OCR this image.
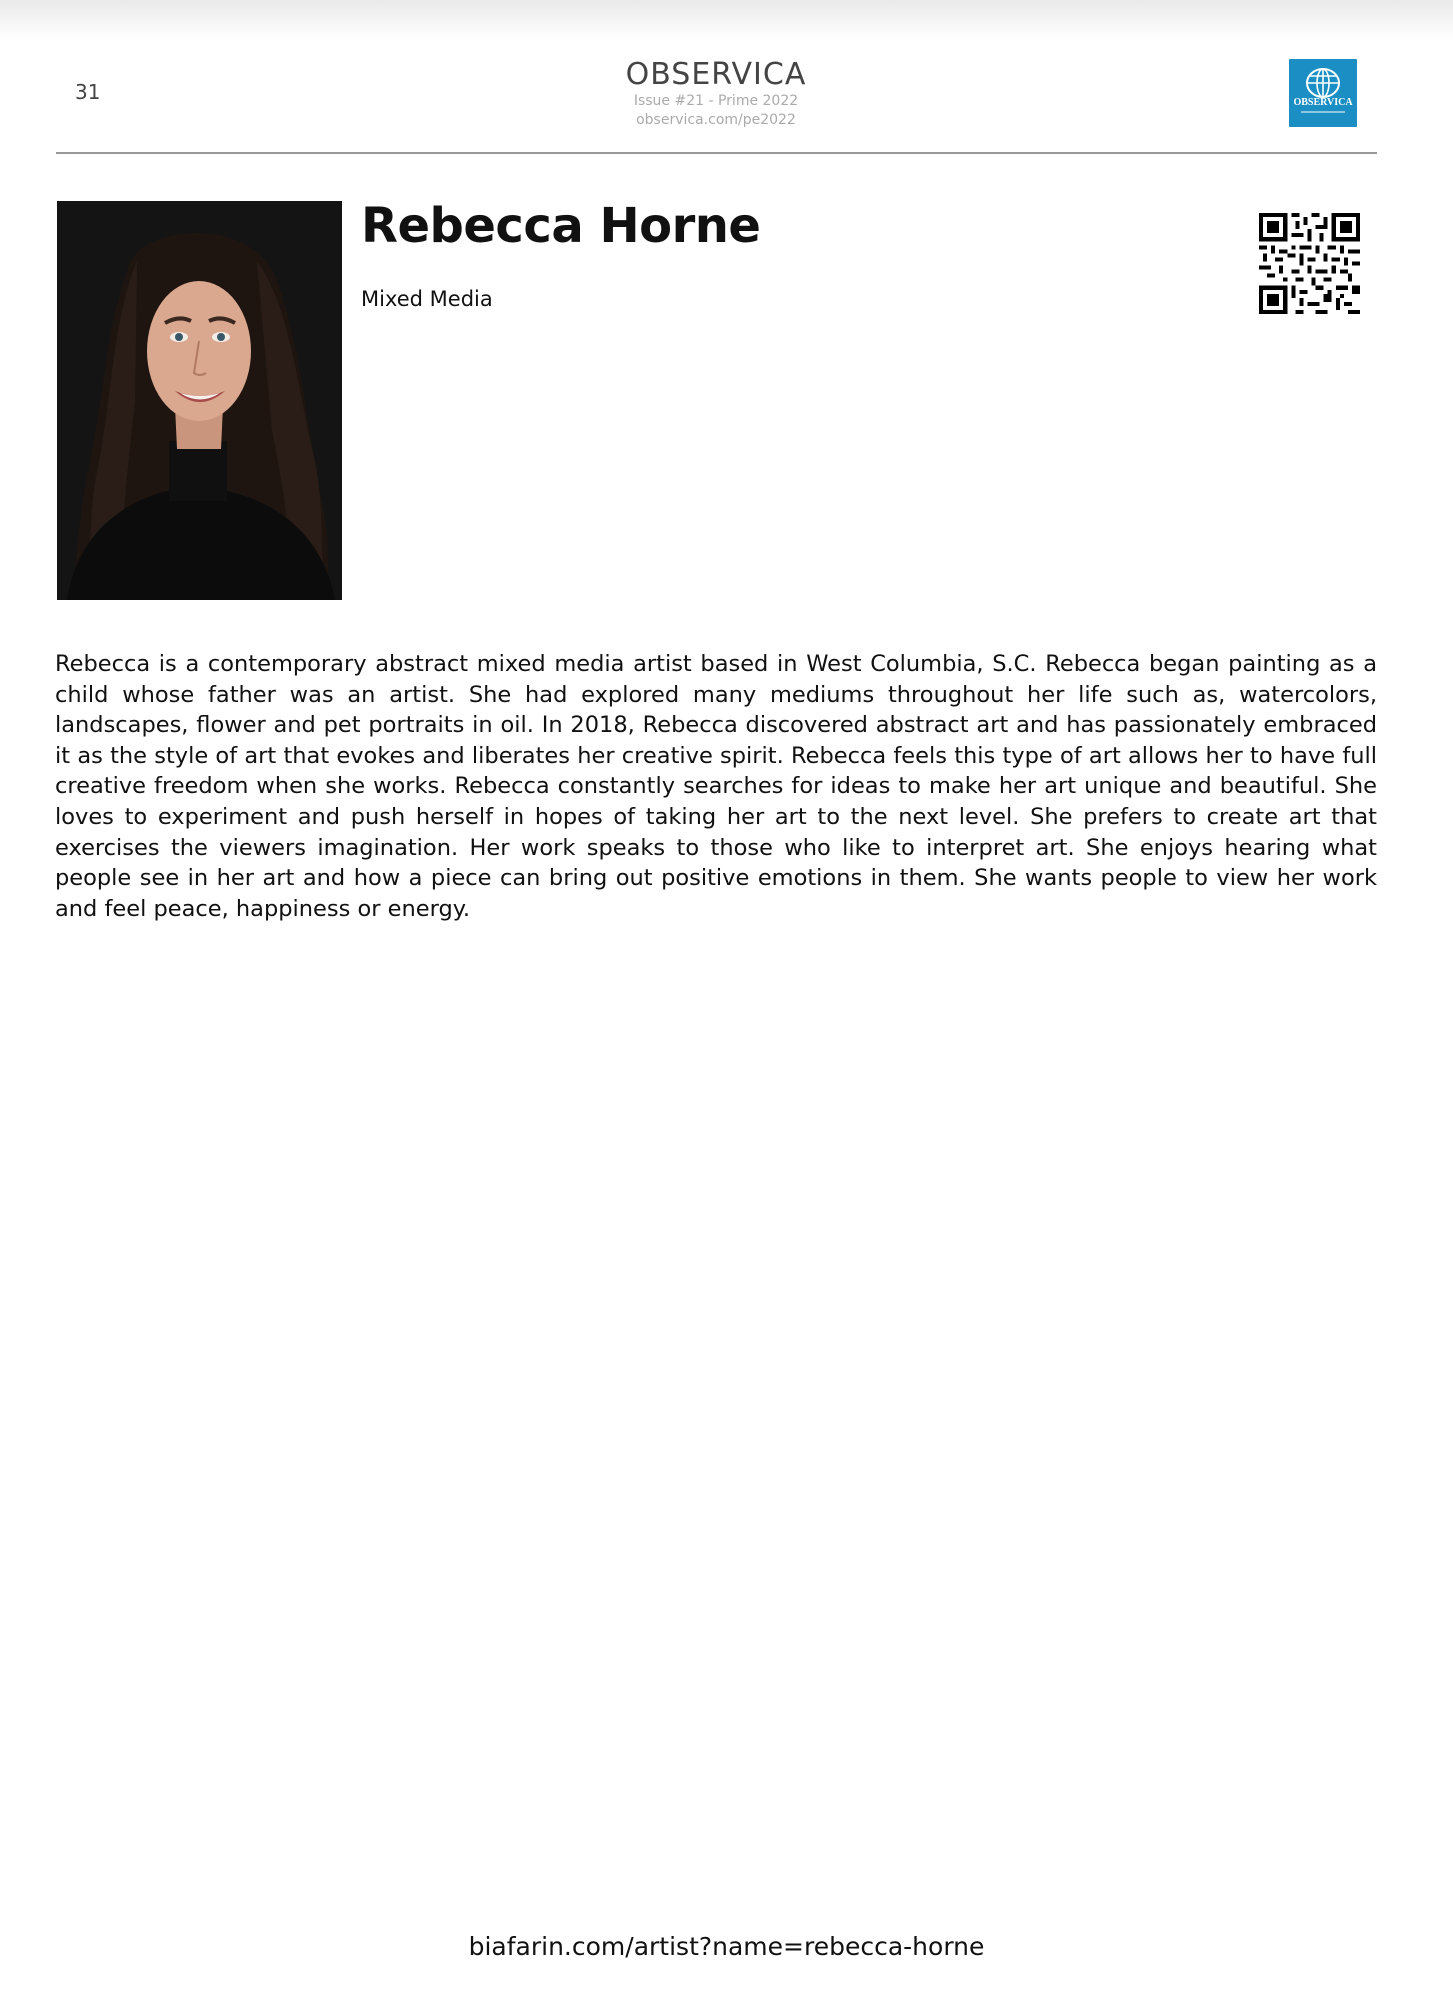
31	OBSERVICA
Issue #21 - Prime 2022
observica.com/pe2022
OBSERVICA
Rebecca Horne
Mixed Media

Rebecca is a contemporary abstract mixed media artist based in West Columbia, S.C. Rebecca began painting as a child whose father was an artist. She had explored many mediums throughout her life such as, watercolors, landscapes, flower and pet portraits in oil. In 2018, Rebecca discovered abstract art and has passionately embraced it as the style of art that evokes and liberates her creative spirit. Rebecca feels this type of art allows her to have full creative freedom when she works. Rebecca constantly searches for ideas to make her art unique and beautiful. She loves to experiment and push herself in hopes of taking her art to the next level. She prefers to create art that exercises the viewers imagination. Her work speaks to those who like to interpret art. She enjoys hearing what people see in her art and how a piece can bring out positive emotions in them. She wants people to view her work and feel peace, happiness or energy.

biafarin.com/artist?name=rebecca-horne
